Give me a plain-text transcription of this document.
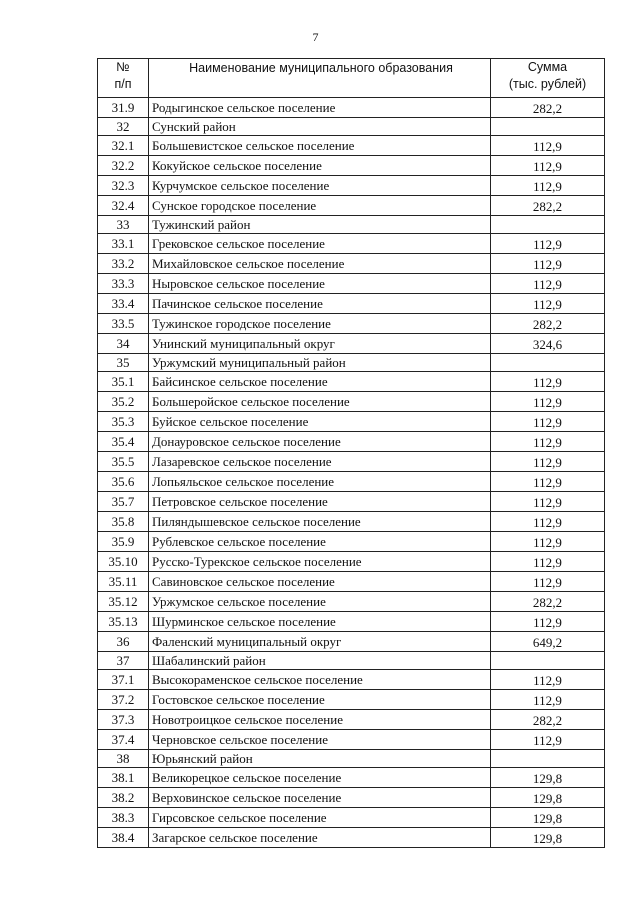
7
№
п/п	Наименование муниципального образования	Сумма
(тыс. рублей)
31.9	Родыгинское сельское поселение	282,2
32	Сунский район	
32.1	Большевистское сельское поселение	112,9
32.2	Кокуйское сельское поселение	112,9
32.3	Курчумское сельское поселение	112,9
32.4	Сунское городское поселение	282,2
33	Тужинский район	
33.1	Грековское сельское поселение	112,9
33.2	Михайловское сельское поселение	112,9
33.3	Ныровское сельское поселение	112,9
33.4	Пачинское сельское поселение	112,9
33.5	Тужинское городское поселение	282,2
34	Унинский муниципальный округ	324,6
35	Уржумский муниципальный район	
35.1	Байсинское сельское поселение	112,9
35.2	Большеройское сельское поселение	112,9
35.3	Буйское сельское поселение	112,9
35.4	Донауровское сельское поселение	112,9
35.5	Лазаревское сельское поселение	112,9
35.6	Лопьяльское сельское поселение	112,9
35.7	Петровское сельское поселение	112,9
35.8	Пиляндышевское сельское поселение	112,9
35.9	Рублевское сельское поселение	112,9
35.10	Русско-Турекское сельское поселение	112,9
35.11	Савиновское сельское поселение	112,9
35.12	Уржумское сельское поселение	282,2
35.13	Шурминское сельское поселение	112,9
36	Фаленский муниципальный округ	649,2
37	Шабалинский район	
37.1	Высокораменское сельское поселение	112,9
37.2	Гостовское сельское поселение	112,9
37.3	Новотроицкое сельское поселение	282,2
37.4	Черновское сельское поселение	112,9
38	Юрьянский район	
38.1	Великорецкое сельское поселение	129,8
38.2	Верховинское сельское поселение	129,8
38.3	Гирсовское сельское поселение	129,8
38.4	Загарское сельское поселение	129,8
